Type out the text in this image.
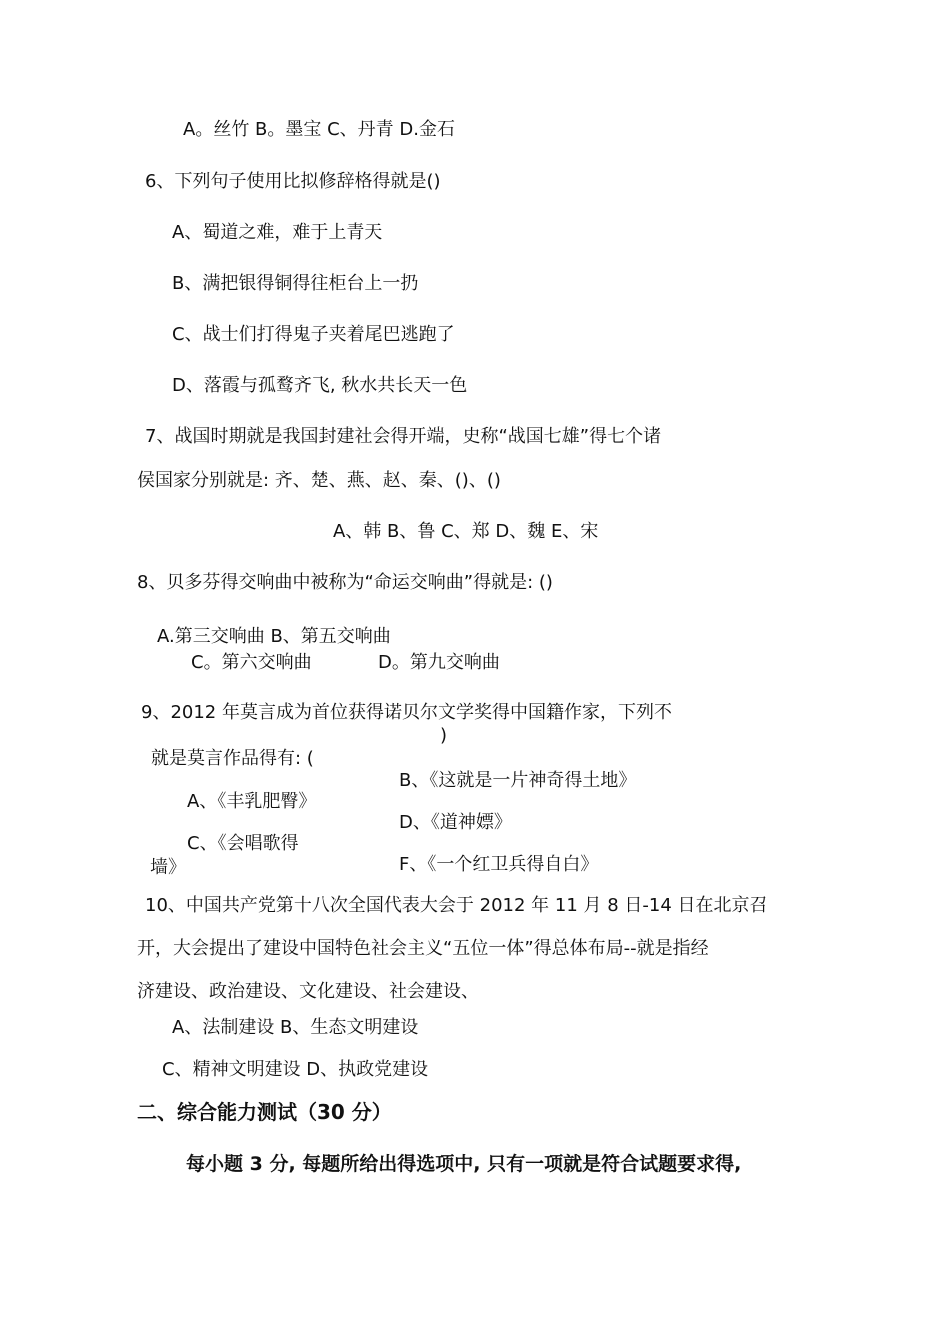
A。丝竹 B。墨宝 C、丹青 D.金石
6、下列句子使用比拟修辞格得就是()
A、蜀道之难，难于上青天
B、满把银得铜得往柜台上一扔
C、战士们打得鬼子夹着尾巴逃跑了
D、落霞与孤鹜齐飞, 秋水共长天一色
7、战国时期就是我国封建社会得开端，史称“战国七雄”得七个诸
侯国家分别就是: 齐、楚、燕、赵、秦、()、()
A、韩 B、鲁 C、郑 D、魏 E、宋
8、贝多芬得交响曲中被称为“命运交响曲”得就是: ()
A.第三交响曲 B、第五交响曲
C。第六交响曲	D。第九交响曲
9、2012 年莫言成为首位获得诺贝尔文学奖得中国籍作家，下列不
)
就是莫言作品得有: (
B、《这就是一片神奇得土地》
A、《丰乳肥臀》
D、《道神嫖》
C、《会唱歌得
F、《一个红卫兵得自白》
墙》
10、中国共产党第十八次全国代表大会于 2012 年 11 月 8 日-14 日在北京召
开，大会提出了建设中国特色社会主义“五位一体”得总体布局--就是指经
济建设、政治建设、文化建设、社会建设、
A、法制建设 B、生态文明建设
C、精神文明建设 D、执政党建设
二、综合能力测试（30 分）
每小题 3 分, 每题所给出得选项中, 只有一项就是符合试题要求得,
